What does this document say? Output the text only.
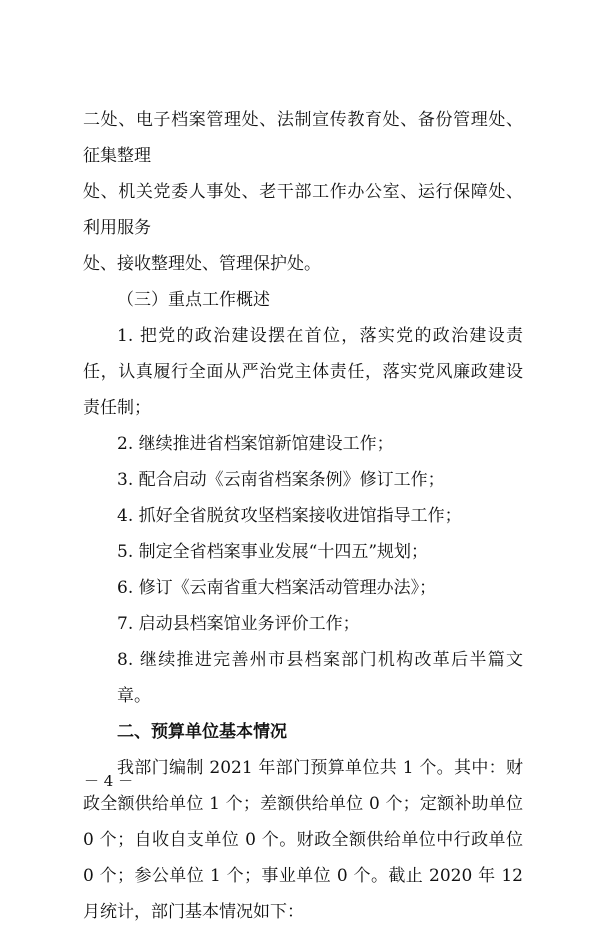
二处、电子档案管理处、法制宣传教育处、备份管理处、征集整理

处、机关党委人事处、老干部工作办公室、运行保障处、利用服务

处、接收整理处、管理保护处。

（三）重点工作概述

1. 把党的政治建设摆在首位，落实党的政治建设责任，认真履行全面从严治党主体责任，落实党风廉政建设责任制；

2. 继续推进省档案馆新馆建设工作；

3. 配合启动《云南省档案条例》修订工作；

4. 抓好全省脱贫攻坚档案接收进馆指导工作；

5. 制定全省档案事业发展“十四五”规划；

6. 修订《云南省重大档案活动管理办法》；

7. 启动县档案馆业务评价工作；

8. 继续推进完善州市县档案部门机构改革后半篇文章。

二、预算单位基本情况

我部门编制 2021 年部门预算单位共 1 个。其中：财政全额供给单位 1 个；差额供给单位 0 个；定额补助单位 0 个；自收自支单位 0 个。财政全额供给单位中行政单位 0 个；参公单位 1 个；事业单位 0 个。截止 2020 年 12 月统计，部门基本情况如下：

－ 4 －
